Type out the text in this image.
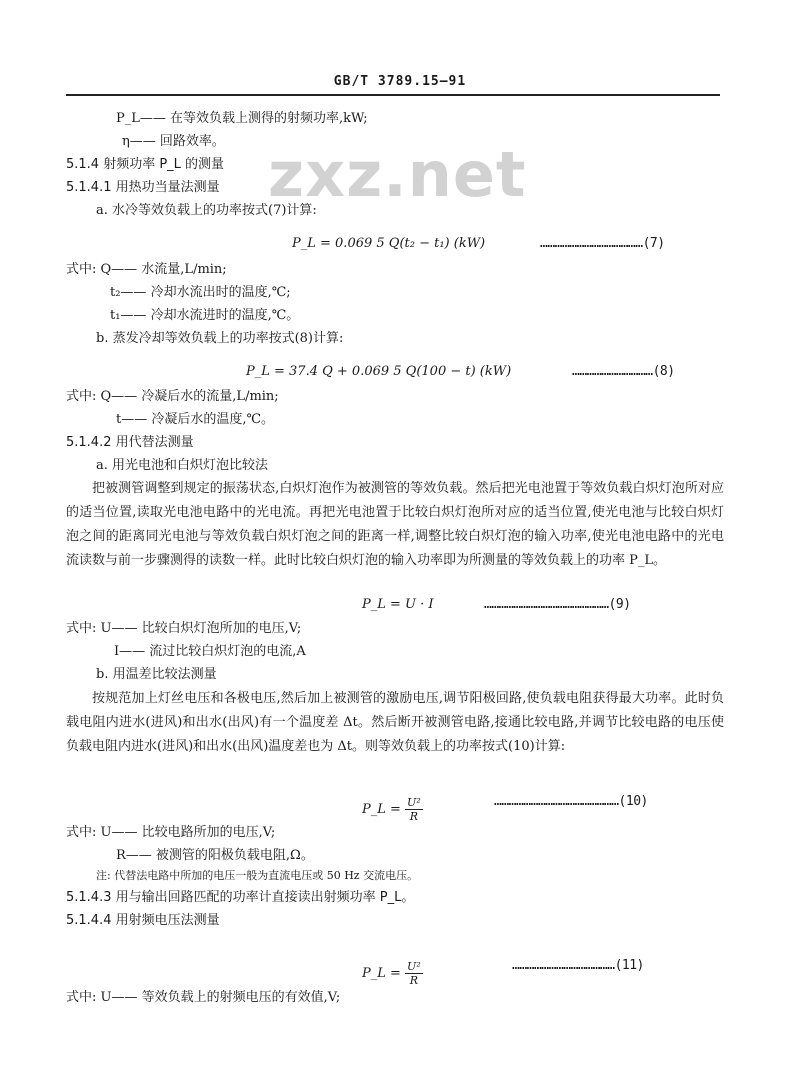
GB/T 3789.15—91
zxz.net
P_L—— 在等效负载上测得的射频功率,kW;
η—— 回路效率。
5.1.4 射频功率 P_L 的测量
5.1.4.1 用热功当量法测量
a. 水冷等效负载上的功率按式(7)计算:
P_L = 0.069 5 Q(t₂ − t₁) (kW)	……………………………………(7)
式中: Q—— 水流量,L/min;
t₂—— 冷却水流出时的温度,℃;
t₁—— 冷却水流进时的温度,℃。
b. 蒸发冷却等效负载上的功率按式(8)计算:
P_L = 37.4 Q + 0.069 5 Q(100 − t) (kW)	……………………………(8)
式中: Q—— 冷凝后水的流量,L/min;
t—— 冷凝后水的温度,℃。
5.1.4.2 用代替法测量
a. 用光电池和白炽灯泡比较法
把被测管调整到规定的振荡状态,白炽灯泡作为被测管的等效负载。然后把光电池置于等效负载白炽灯泡所对应的适当位置,读取光电池电路中的光电流。再把光电池置于比较白炽灯泡所对应的适当位置,使光电池与比较白炽灯泡之间的距离同光电池与等效负载白炽灯泡之间的距离一样,调整比较白炽灯泡的输入功率,使光电池电路中的光电流读数与前一步骤测得的读数一样。此时比较白炽灯泡的输入功率即为所测量的等效负载上的功率 P_L。
P_L = U · I	……………………………………………(9)
式中: U—— 比较白炽灯泡所加的电压,V;
I—— 流过比较白炽灯泡的电流,A
b. 用温差比较法测量
按规范加上灯丝电压和各极电压,然后加上被测管的激励电压,调节阳极回路,使负载电阻获得最大功率。此时负载电阻内进水(进风)和出水(出风)有一个温度差 Δt。然后断开被测管电路,接通比较电路,并调节比较电路的电压使负载电阻内进水(进风)和出水(出风)温度差也为 Δt。则等效负载上的功率按式(10)计算:
P_L = $\frac{\text{U²}}{R}$	……………………………………………(10)
式中: U—— 比较电路所加的电压,V;
R—— 被测管的阳极负载电阻,Ω。
注: 代替法电路中所加的电压一般为直流电压或 50 Hz 交流电压。
5.1.4.3 用与输出回路匹配的功率计直接读出射频功率 P_L。
5.1.4.4 用射频电压法测量
P_L = $\frac{\text{U²}}{R}$	……………………………………(11)
式中: U—— 等效负载上的射频电压的有效值,V;
